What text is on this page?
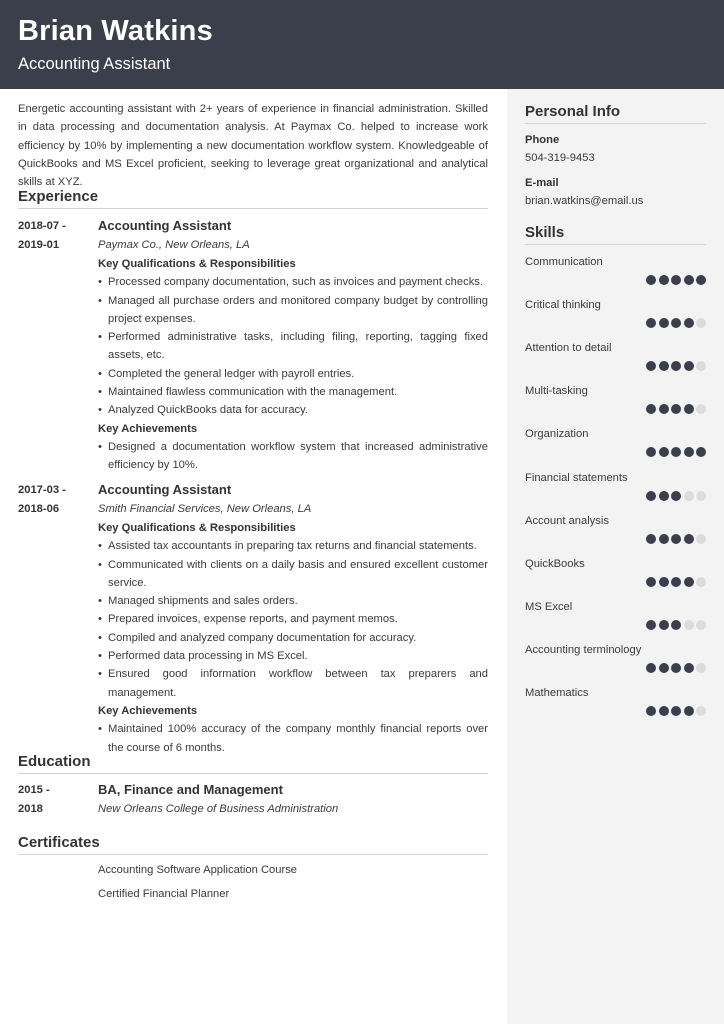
Brian Watkins
Accounting Assistant
Personal Info
Phone
504-319-9453
E-mail
brian.watkins@email.us
Skills
Communication
Critical thinking
Attention to detail
Multi-tasking
Organization
Financial statements
Account analysis
QuickBooks
MS Excel
Accounting terminology
Mathematics
Energetic accounting assistant with 2+ years of experience in financial administration. Skilled in data processing and documentation analysis. At Paymax Co. helped to increase work efficiency by 10% by implementing a new documentation workflow system. Knowledgeable of QuickBooks and MS Excel proficient, seeking to leverage great organizational and analytical skills at XYZ.
Experience
2018-07 -
2019-01
Accounting Assistant
Paymax Co., New Orleans, LA
Key Qualifications & Responsibilities
• Processed company documentation, such as invoices and payment checks.
• Managed all purchase orders and monitored company budget by controlling project expenses.
• Performed administrative tasks, including filing, reporting, tagging fixed assets, etc.
• Completed the general ledger with payroll entries.
• Maintained flawless communication with the management.
• Analyzed QuickBooks data for accuracy.
Key Achievements
• Designed a documentation workflow system that increased administrative efficiency by 10%.
2017-03 -
2018-06
Accounting Assistant
Smith Financial Services, New Orleans, LA
Key Qualifications & Responsibilities
• Assisted tax accountants in preparing tax returns and financial statements.
• Communicated with clients on a daily basis and ensured excellent customer service.
• Managed shipments and sales orders.
• Prepared invoices, expense reports, and payment memos.
• Compiled and analyzed company documentation for accuracy.
• Performed data processing in MS Excel.
• Ensured good information workflow between tax preparers and management.
Key Achievements
• Maintained 100% accuracy of the company monthly financial reports over the course of 6 months.
Education
2015 -
2018
BA, Finance and Management
New Orleans College of Business Administration
Certificates
Accounting Software Application Course
Certified Financial Planner
